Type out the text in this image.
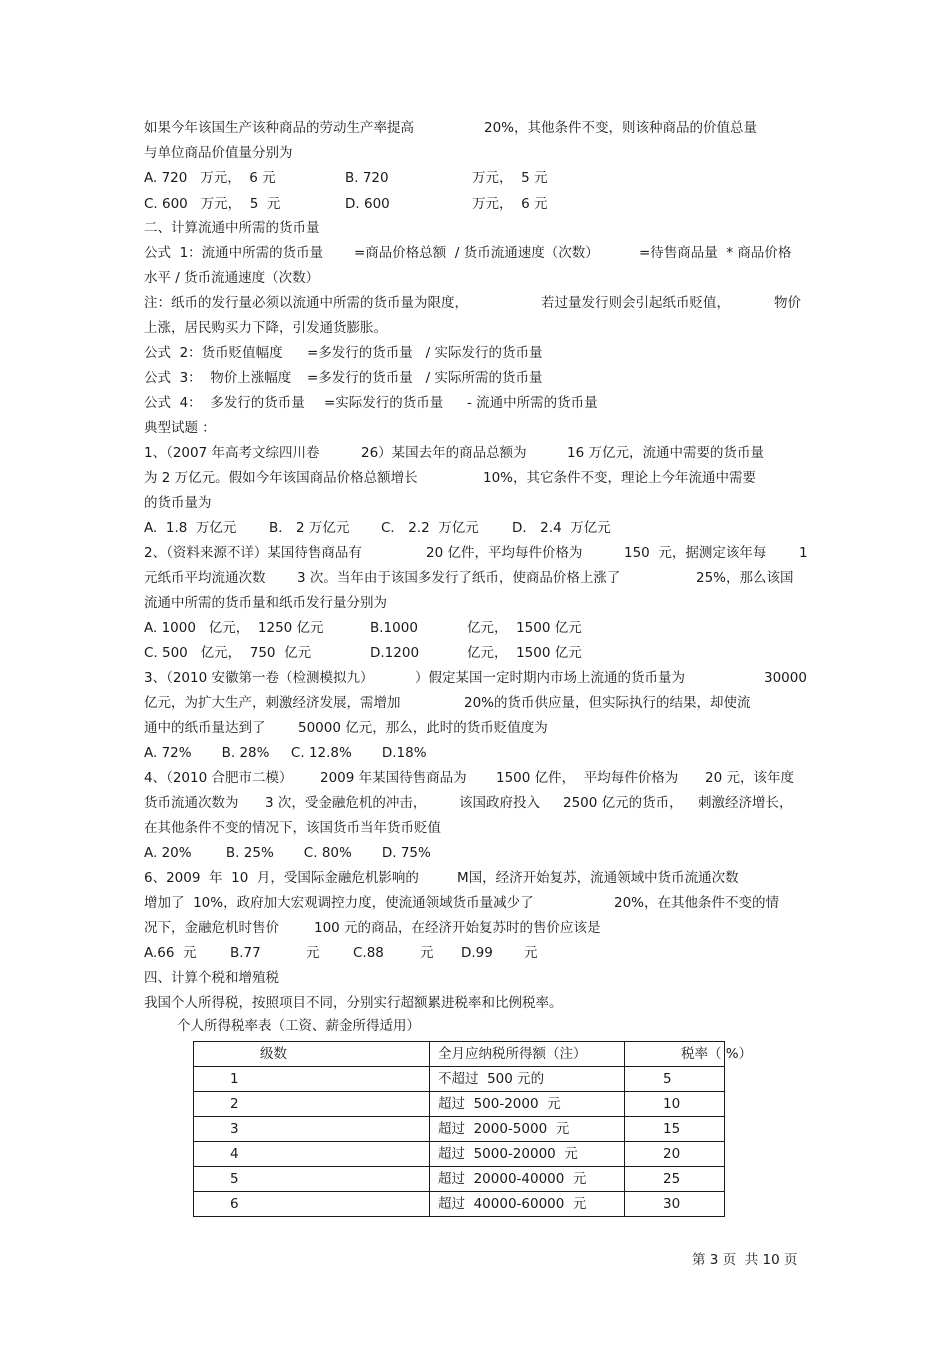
如果今年该国生产该种商品的劳动生产率提高	20%，其他条件不变，则该种商品的价值总量
与单位商品价值量分别为
A. 720   万元，  6 元	B. 720	万元，  5 元
C. 600   万元，  5  元	D. 600	万元，  6 元
二、计算流通中所需的货币量
公式  1：流通中所需的货币量 =商品价格总额  / 货币流通速度（次数）	=待售商品量  * 商品价格
水平 / 货币流通速度（次数）
注：纸币的发行量必须以流通中所需的货币量为限度，	若过量发行则会引起纸币贬值，	物价
上涨，居民购买力下降，引发通货膨胀。
公式  2：货币贬值幅度 =多发行的货币量   / 实际发行的货币量
公式  3：  物价上涨幅度 =多发行的货币量   / 实际所需的货币量
公式  4：  多发行的货币量 =实际发行的货币量 - 流通中所需的货币量
典型试题 ：
1、（2007 年高考文综四川卷	26）某国去年的商品总额为	16 万亿元，流通中需要的货币量
为 2 万亿元。假如今年该国商品价格总额增长	10%，其它条件不变，理论上今年流通中需要
的货币量为
A.  1.8  万亿元 B． 2 万亿元 C． 2.2  万亿元 D． 2.4  万亿元
2、（资料来源不详）某国待售商品有	20 亿件，平均每件价格为	150  元，据测定该年每 1
元纸币平均流通次数 3 次。当年由于该国多发行了纸币，使商品价格上涨了	25%，那么该国
流通中所需的货币量和纸币发行量分别为
A. 1000   亿元，  1250 亿元	B.1000	亿元，  1500 亿元
C. 500   亿元，  750  亿元	D.1200	亿元，  1500 亿元
3、（2010 安徽第一卷（检测模拟九）	）假定某国一定时期内市场上流通的货币量为	30000
亿元，为扩大生产，刺激经济发展，需增加	20%的货币供应量，但实际执行的结果，却使流
通中的纸币量达到了 50000 亿元，那么，此时的货币贬值度为
A. 72%       B. 28%     C. 12.8%       D.18%
4、（2010 合肥市二模） 2009 年某国待售商品为 1500 亿件，  平均每件价格为 20 元，该年度
货币流通次数为 3 次，受金融危机的冲击， 该国政府投入 2500 亿元的货币， 刺激经济增长，
在其他条件不变的情况下，该国货币当年货币贬值
A. 20%        B. 25%       C. 80%       D. 75%
6、2009  年  10  月，受国际金融危机影响的	M国，经济开始复苏，流通领域中货币流通次数
增加了  10%，政府加大宏观调控力度，使流通领域货币量减少了	20%，在其他条件不变的情
况下，金融危机时售价	100 元的商品，在经济开始复苏时的售价应该是
A.66  元 B.77	元 C.88	元 D.99 元
四、计算个税和增殖税
我国个人所得税，按照项目不同，分别实行超额累进税率和比例税率。
个人所得税率表（工资、薪金所得适用）
级数	全月应纳税所得额（注）	税率（ %）
1	不超过  500 元的	5
2	超过  500-2000  元	10
3	超过  2000-5000  元	15
4	超过  5000-20000  元	20
5	超过  20000-40000  元	25
6	超过  40000-60000  元	30
第 3 页  共 10 页
